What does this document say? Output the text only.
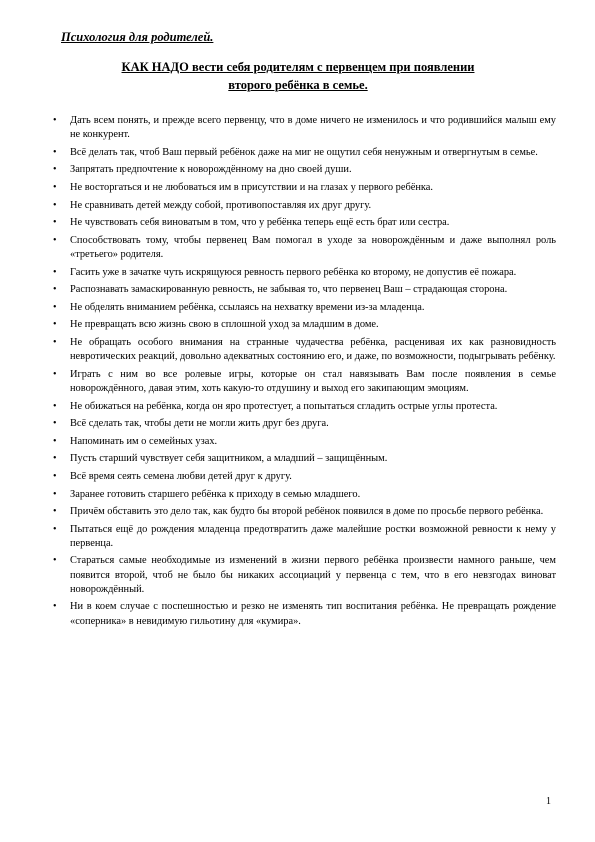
Психология для родителей.
КАК НАДО вести себя родителям с первенцем при появлении
второго ребёнка в семье.
• Дать всем понять, и прежде всего первенцу, что в доме ничего не изменилось и что родившийся малыш ему не конкурент.
• Всё делать так, чтоб Ваш первый ребёнок даже на миг не ощутил себя ненужным и отвергнутым в семье.
• Запрятать предпочтение к новорождённому на дно своей души.
• Не восторгаться и не любоваться им в присутствии и на глазах у первого ребёнка.
• Не сравнивать детей между собой, противопоставляя их друг другу.
• Не чувствовать себя виноватым в том, что у ребёнка теперь ещё есть брат или сестра.
• Способствовать тому, чтобы первенец Вам помогал в уходе за новорождённым и даже выполнял роль «третьего» родителя.
• Гасить уже в зачатке чуть искрящуюся ревность первого ребёнка ко второму, не допустив её пожара.
• Распознавать замаскированную ревность, не забывая то, что первенец Ваш – страдающая сторона.
• Не обделять вниманием ребёнка, ссылаясь на нехватку времени из-за младенца.
• Не превращать всю жизнь свою в сплошной уход за младшим в доме.
• Не обращать особого внимания на странные чудачества ребёнка, расценивая их как разновидность невротических реакций, довольно адекватных состоянию его, и даже, по возможности, подыгрывать ребёнку.
• Играть с ним во все ролевые игры, которые он стал навязывать Вам после появления в семье новорождённого, давая этим, хоть какую-то отдушину и выход его закипающим эмоциям.
• Не обижаться на ребёнка, когда он яро протестует, а попытаться сгладить острые углы протеста.
• Всё сделать так, чтобы дети не могли жить друг без друга.
• Напоминать им о семейных узах.
• Пусть старший чувствует себя защитником, а младший – защищённым.
• Всё время сеять семена любви детей друг к другу.
• Заранее готовить старшего ребёнка к приходу в семью младшего.
• Причём обставить это дело так, как будто бы второй ребёнок появился в доме по просьбе первого ребёнка.
• Пытаться ещё до рождения младенца предотвратить даже малейшие ростки возможной ревности к нему у первенца.
• Стараться самые необходимые из изменений в жизни первого ребёнка произвести намного раньше, чем появится второй, чтоб не было бы никаких ассоциаций у первенца с тем, что в его невзгодах виноват новорождённый.
• Ни в коем случае с поспешностью и резко не изменять тип воспитания ребёнка. Не превращать рождение «соперника» в невидимую гильотину для «кумира».
1
